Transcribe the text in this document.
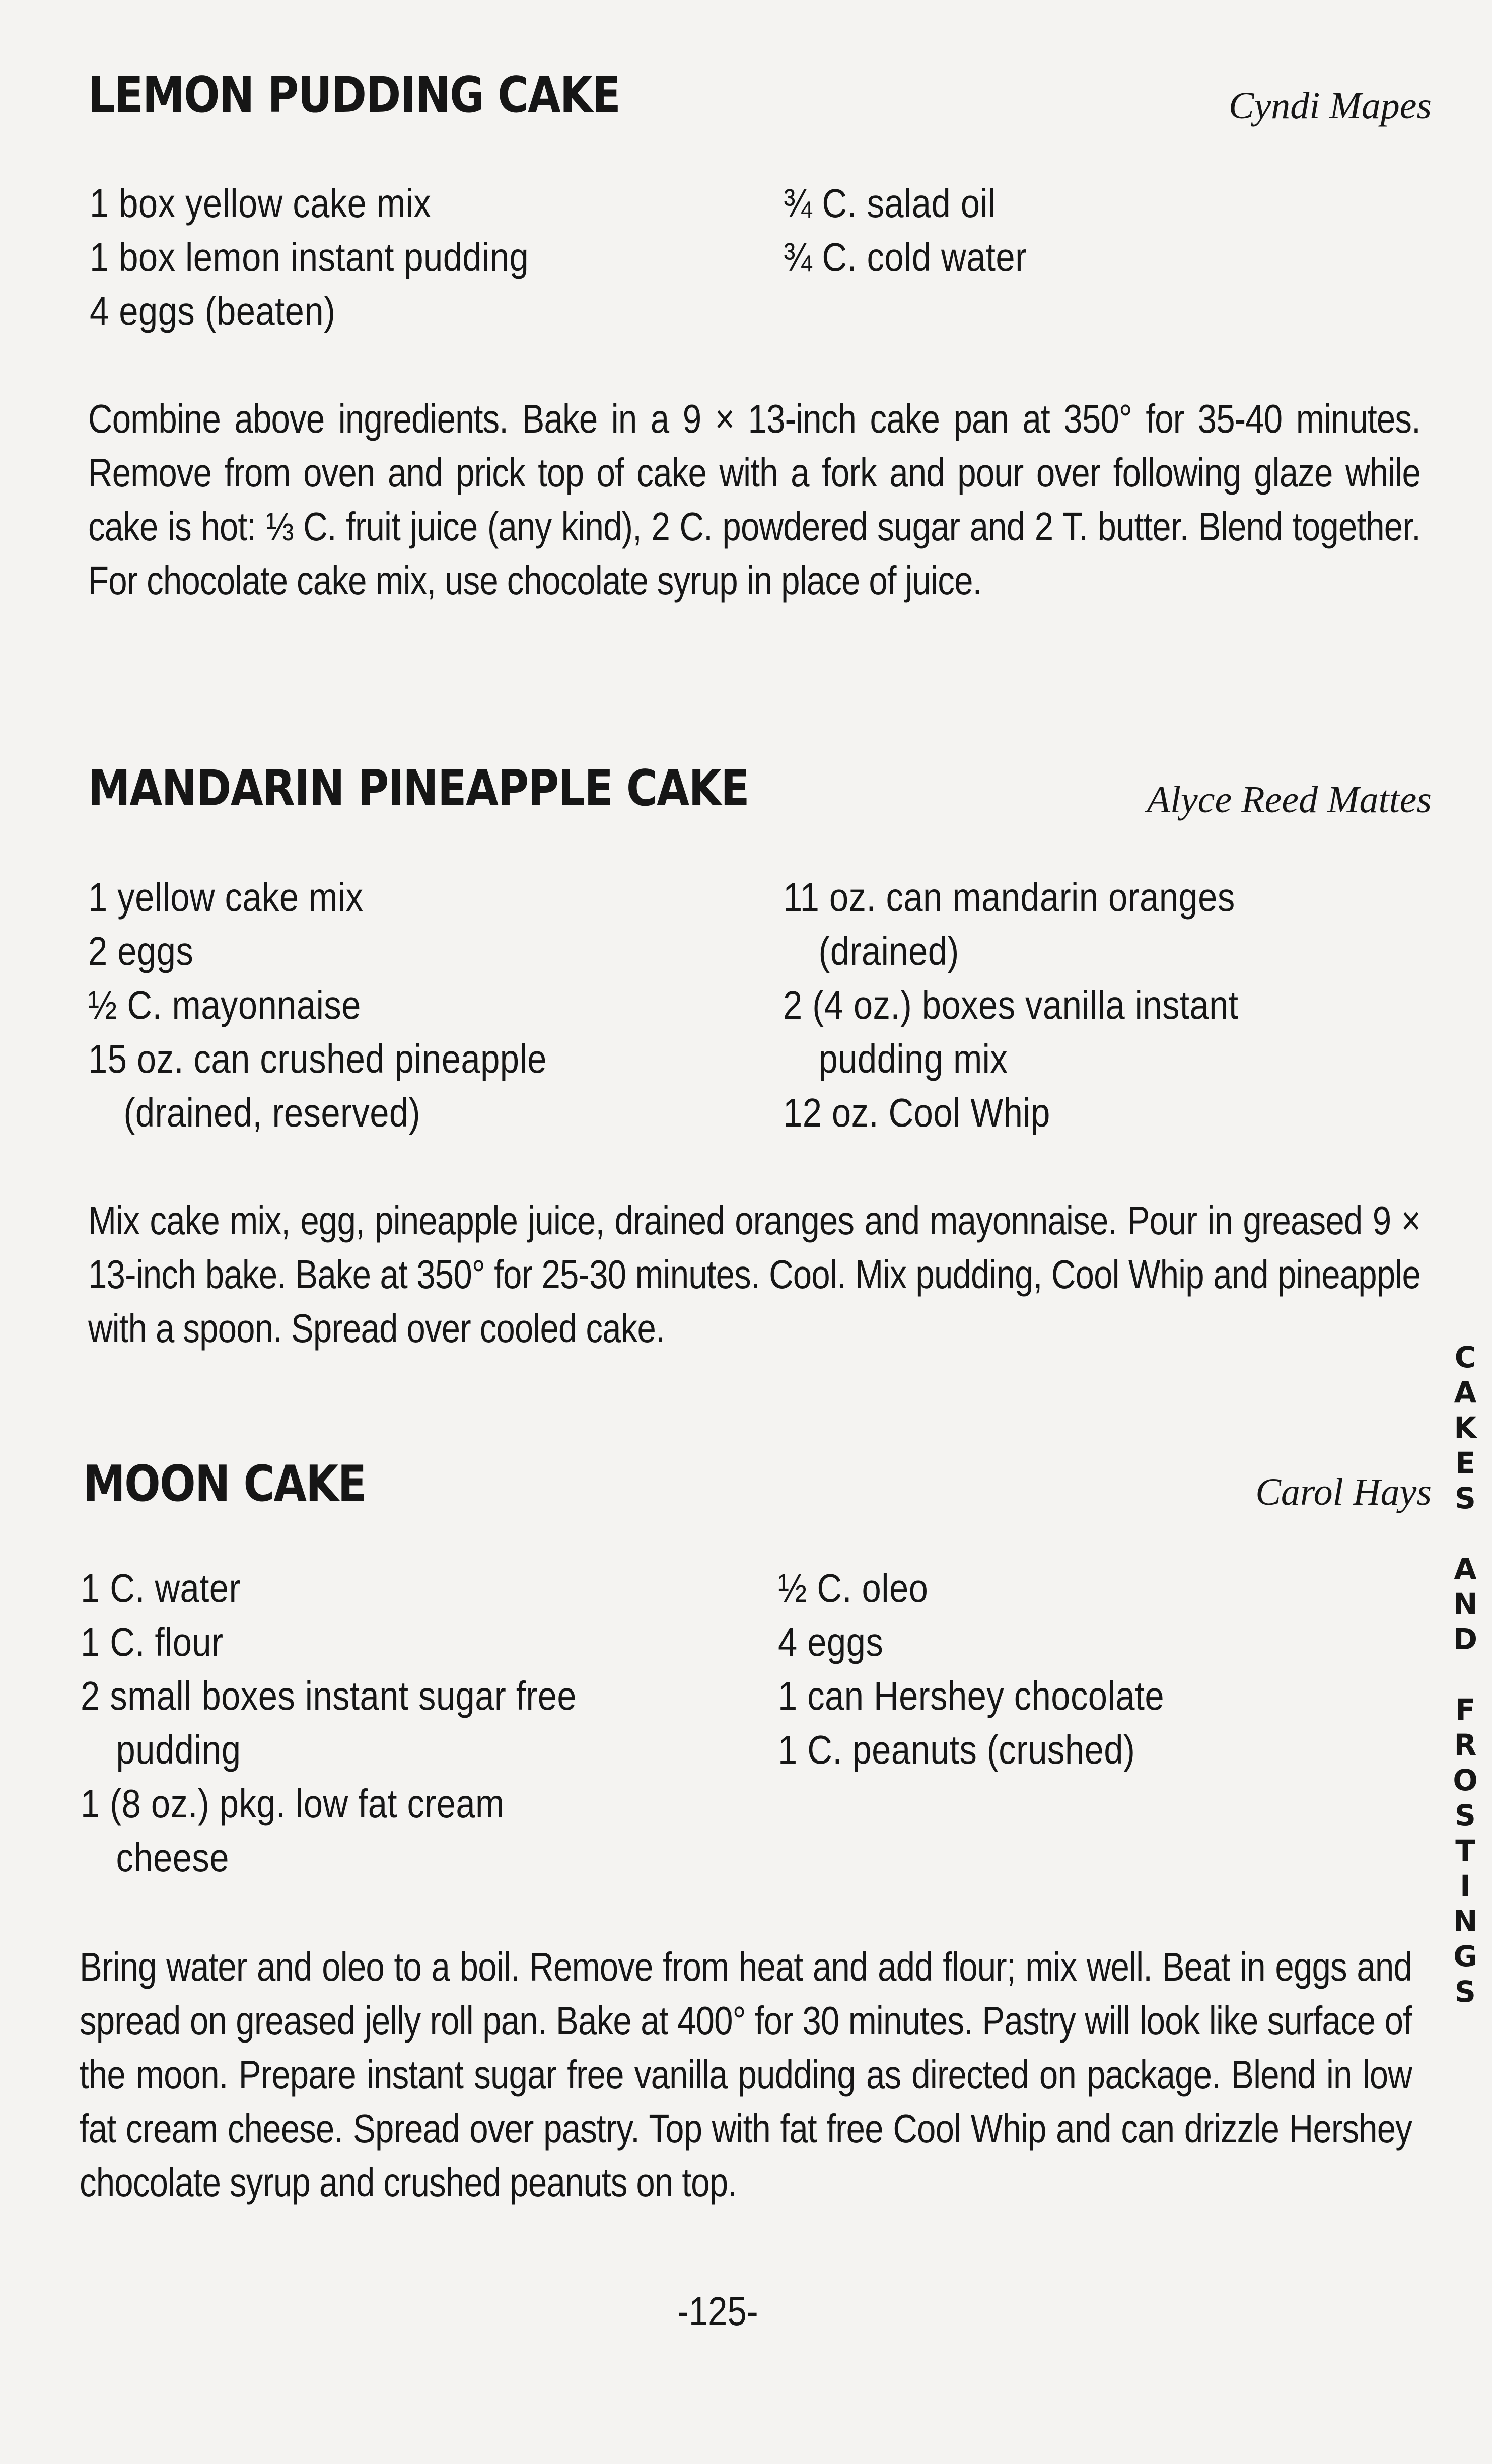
LEMON PUDDING CAKE	Cyndi Mapes
1 box yellow cake mix
1 box lemon instant pudding
4 eggs (beaten)
¾ C. salad oil
¾ C. cold water
Combine above ingredients. Bake in a 9 × 13-inch cake pan at 350° for 35-40 minutes. Remove from oven and prick top of cake with a fork and pour over following glaze while cake is hot: ⅓ C. fruit juice (any kind), 2 C. powdered sugar and 2 T. butter. Blend together. For chocolate cake mix, use chocolate syrup in place of juice.
MANDARIN PINEAPPLE CAKE	Alyce Reed Mattes
1 yellow cake mix
2 eggs
½ C. mayonnaise
15 oz. can crushed pineapple
(drained, reserved)
11 oz. can mandarin oranges
(drained)
2 (4 oz.) boxes vanilla instant
pudding mix
12 oz. Cool Whip
Mix cake mix, egg, pineapple juice, drained oranges and mayonnaise. Pour in greased 9 × 13-inch bake. Bake at 350° for 25-30 minutes. Cool. Mix pudding, Cool Whip and pineapple with a spoon. Spread over cooled cake.
MOON CAKE	Carol Hays
1 C. water
1 C. flour
2 small boxes instant sugar free
pudding
1 (8 oz.) pkg. low fat cream
cheese
½ C. oleo
4 eggs
1 can Hershey chocolate
1 C. peanuts (crushed)
Bring water and oleo to a boil. Remove from heat and add flour; mix well. Beat in eggs and spread on greased jelly roll pan. Bake at 400° for 30 minutes. Pastry will look like surface of the moon. Prepare instant sugar free vanilla pudding as directed on package. Blend in low fat cream cheese. Spread over pastry. Top with fat free Cool Whip and can drizzle Hershey chocolate syrup and crushed peanuts on top.
-125-
C
A
K
E
S
A
N
D
F
R
O
S
T
I
N
G
S
